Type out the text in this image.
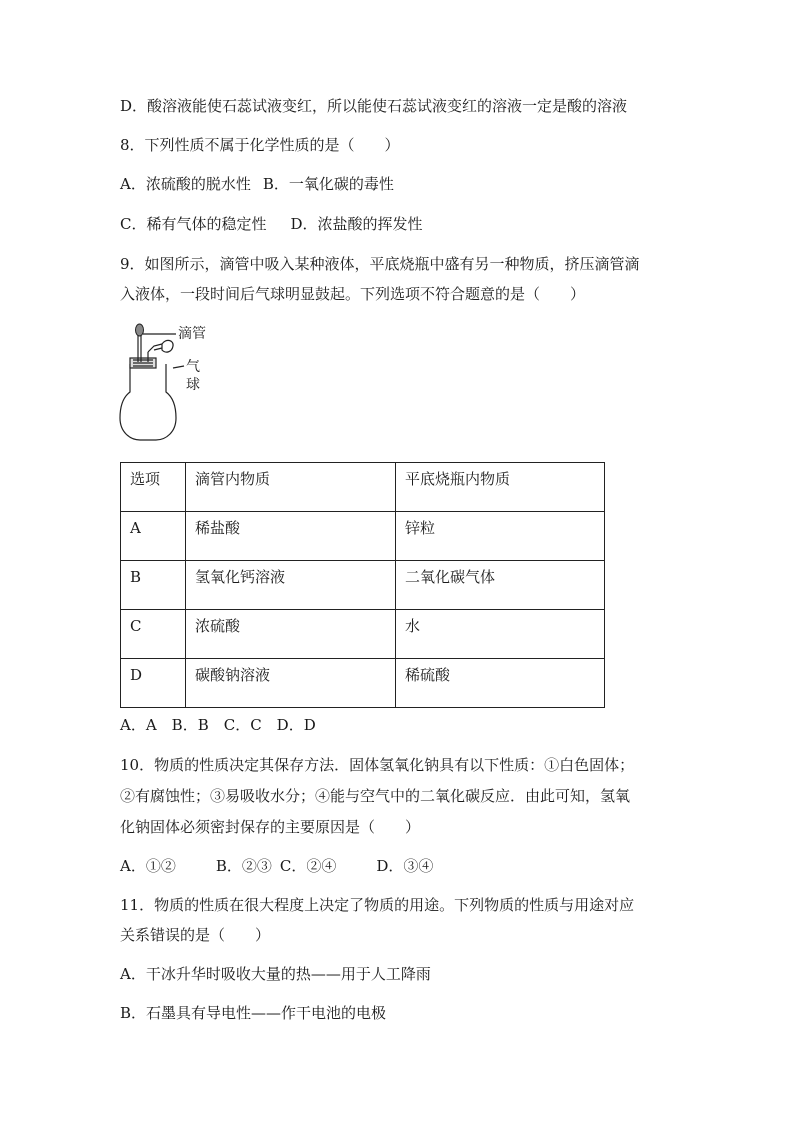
D．酸溶液能使石蕊试液变红，所以能使石蕊试液变红的溶液一定是酸的溶液
8．下列性质不属于化学性质的是（　　）
A．浓硫酸的脱水性 B．一氧化碳的毒性
C．稀有气体的稳定性 D．浓盐酸的挥发性
9．如图所示，滴管中吸入某种液体，平底烧瓶中盛有另一种物质，挤压滴管滴
入液体，一段时间后气球明显鼓起。下列选项不符合题意的是（　　）
滴管
气
球
选项	滴管内物质	平底烧瓶内物质
A	稀盐酸	锌粒
B	氢氧化钙溶液	二氧化碳气体
C	浓硫酸	水
D	碳酸钠溶液	稀硫酸
A．A　B．B　C．C　D．D
10．物质的性质决定其保存方法．固体氢氧化钠具有以下性质：①白色固体；
②有腐蚀性；③易吸收水分；④能与空气中的二氧化碳反应．由此可知，氢氧
化钠固体必须密封保存的主要原因是（　　）
A．①②	B．②③ C．②④	D．③④
11．物质的性质在很大程度上决定了物质的用途。下列物质的性质与用途对应
关系错误的是（　　）
A．干冰升华时吸收大量的热——用于人工降雨
B．石墨具有导电性——作干电池的电极
